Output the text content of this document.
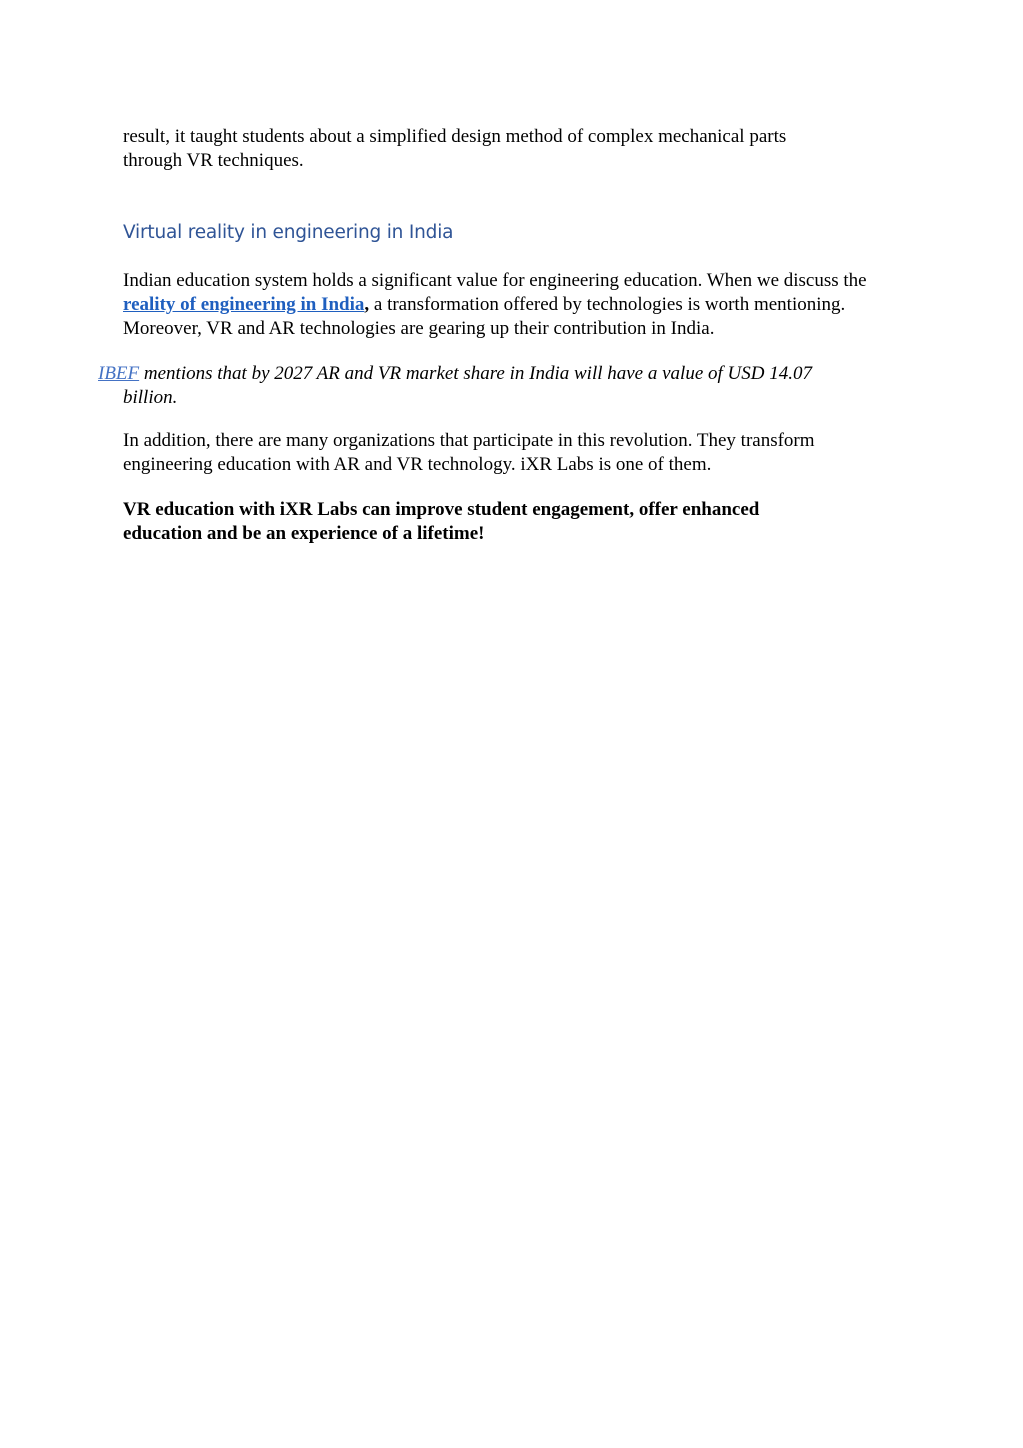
result, it taught students about a simplified design method of complex mechanical parts
through VR techniques.

Virtual reality in engineering in India

Indian education system holds a significant value for engineering education. When we discuss the reality of engineering in India, a transformation offered by technologies is worth mentioning. Moreover, VR and AR technologies are gearing up their contribution in India.

IBEF mentions that by 2027 AR and VR market share in India will have a value of USD 14.07
billion.

In addition, there are many organizations that participate in this revolution. They transform
engineering education with AR and VR technology. iXR Labs is one of them.

VR education with iXR Labs can improve student engagement, offer enhanced
education and be an experience of a lifetime!
